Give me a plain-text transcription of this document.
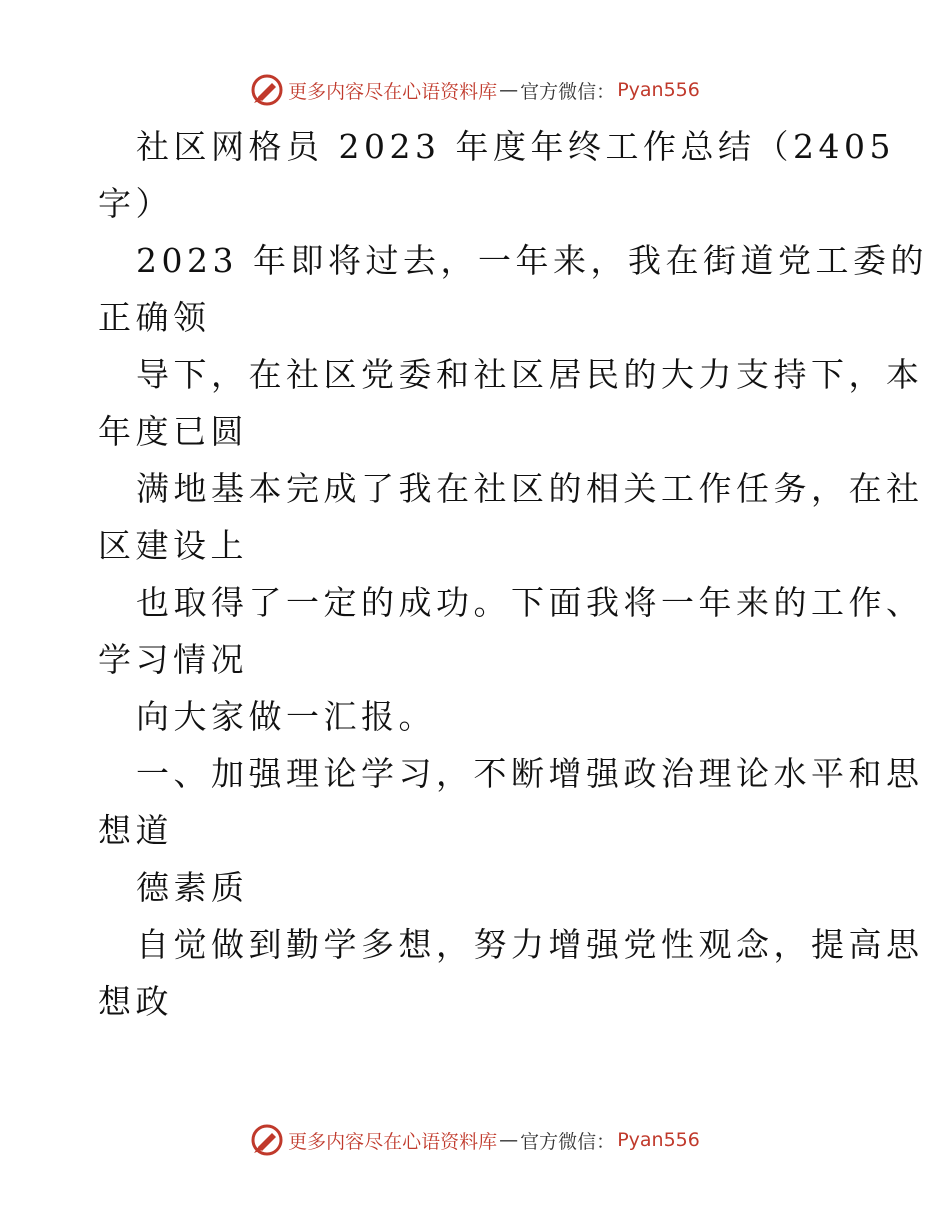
更多内容尽在心语资料库 — 官方微信： Pyan556
社区网格员 2023 年度年终工作总结（2405
字）
2023 年即将过去，一年来，我在街道党工委的
正确领
导下，在社区党委和社区居民的大力支持下，本
年度已圆
满地基本完成了我在社区的相关工作任务，在社
区建设上
也取得了一定的成功。下面我将一年来的工作、
学习情况
向大家做一汇报。
一、加强理论学习，不断增强政治理论水平和思
想道
德素质
自觉做到勤学多想，努力增强党性观念，提高思
想政
更多内容尽在心语资料库 — 官方微信： Pyan556
